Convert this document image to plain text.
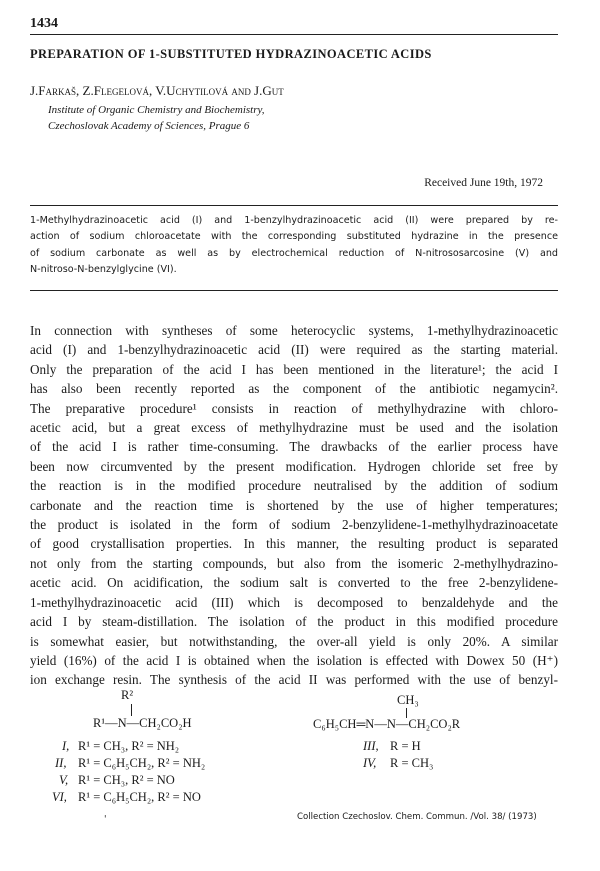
1434
PREPARATION OF 1-SUBSTITUTED HYDRAZINOACETIC ACIDS
J.Farkaš, Z.Flegelová, V.Uchytilová and J.Gut
Institute of Organic Chemistry and Biochemistry,
Czechoslovak Academy of Sciences, Prague 6
Received June 19th, 1972
1-Methylhydrazinoacetic acid (I) and 1-benzylhydrazinoacetic acid (II) were prepared by re-
action of sodium chloroacetate with the corresponding substituted hydrazine in the presence
of sodium carbonate as well as by electrochemical reduction of N-nitrososarcosine (V) and
N-nitroso-N-benzylglycine (VI).
In connection with syntheses of some heterocyclic systems, 1-methylhydrazinoacetic
acid (I) and 1-benzylhydrazinoacetic acid (II) were required as the starting material.
Only the preparation of the acid I has been mentioned in the literature¹; the acid I
has also been recently reported as the component of the antibiotic negamycin².
The preparative procedure¹ consists in reaction of methylhydrazine with chloro-
acetic acid, but a great excess of methylhydrazine must be used and the isolation
of the acid I is rather time-consuming. The drawbacks of the earlier process have
been now circumvented by the present modification. Hydrogen chloride set free by
the reaction is in the modified procedure neutralised by the addition of sodium
carbonate and the reaction time is shortened by the use of higher temperatures;
the product is isolated in the form of sodium 2-benzylidene-1-methylhydrazinoacetate
of good crystallisation properties. In this manner, the resulting product is separated
not only from the starting compounds, but also from the isomeric 2-methylhydrazino-
acetic acid. On acidification, the sodium salt is converted to the free 2-benzylidene-
1-methylhydrazinoacetic acid (III) which is decomposed to benzaldehyde and the
acid I by steam-distillation. The isolation of the product in this modified procedure
is somewhat easier, but notwithstanding, the over-all yield is only 20%. A similar
yield (16%) of the acid I is obtained when the isolation is effected with Dowex 50 (H⁺)
ion exchange resin. The synthesis of the acid II was performed with the use of benzyl-
R²
R¹—N—CH₂CO₂H
I, R¹ = CH₃, R² = NH₂
II, R¹ = C₆H₅CH₂, R² = NH₂
V, R¹ = CH₃, R² = NO
VI, R¹ = C₆H₅CH₂, R² = NO
CH₃
C₆H₅CH═N—N—CH₂CO₂R
III, R = H
IV, R = CH₃
'	Collection Czechoslov. Chem. Commun. /Vol. 38/ (1973)
